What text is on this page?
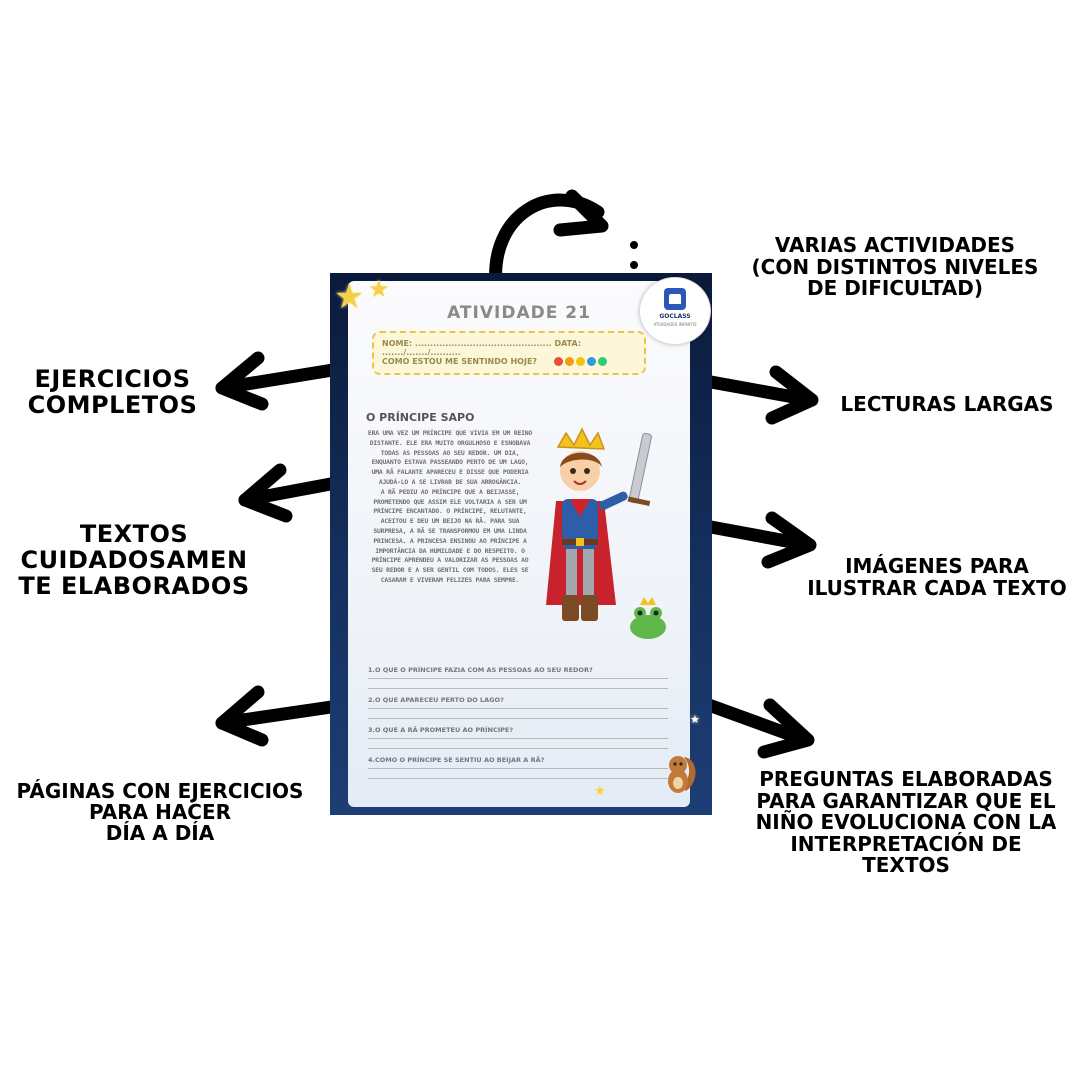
ATIVIDADE 21
NOME: ............................................. DATA: ......./......./..........
COMO ESTOU ME SENTINDO HOJE?
O PRÍNCIPE SAPO

ERA UMA VEZ UM PRÍNCIPE QUE VIVIA EM UM REINO DISTANTE. ELE ERA MUITO ORGULHOSO E ESNOBAVA TODAS AS PESSOAS AO SEU REDOR. UM DIA, ENQUANTO ESTAVA PASSEANDO PERTO DE UM LAGO, UMA RÃ FALANTE APARECEU E DISSE QUE PODERIA AJUDÁ-LO A SE LIVRAR DE SUA ARROGÂNCIA.

A RÃ PEDIU AO PRÍNCIPE QUE A BEIJASSE, PROMETENDO QUE ASSIM ELE VOLTARIA A SER UM PRÍNCIPE ENCANTADO. O PRÍNCIPE, RELUTANTE, ACEITOU E DEU UM BEIJO NA RÃ. PARA SUA SURPRESA, A RÃ SE TRANSFORMOU EM UMA LINDA PRINCESA. A PRINCESA ENSINOU AO PRÍNCIPE A IMPORTÂNCIA DA HUMILDADE E DO RESPEITO. O PRÍNCIPE APRENDEU A VALORIZAR AS PESSOAS AO SEU REDOR E A SER GENTIL COM TODOS. ELES SE CASARAM E VIVERAM FELIZES PARA SEMPRE.

1.O QUE O PRÍNCIPE FAZIA COM AS PESSOAS AO SEU REDOR?
2.O QUE APARECEU PERTO DO LAGO?
3.O QUE A RÃ PROMETEU AO PRÍNCIPE?
4.COMO O PRÍNCIPE SE SENTIU AO BEIJAR A RÃ?
★ ★
★
★
GOCLASS
ATIVIDADES INFANTIS
EJERCICIOS
COMPLETOS
TEXTOS
CUIDADOSAMEN
TE ELABORADOS
PÁGINAS CON EJERCICIOS
PARA HACER
DÍA A DÍA
VARIAS ACTIVIDADES
(CON DISTINTOS NIVELES
DE DIFICULTAD)
LECTURAS LARGAS
IMÁGENES PARA
ILUSTRAR CADA TEXTO
PREGUNTAS ELABORADAS
PARA GARANTIZAR QUE EL
NIÑO EVOLUCIONA CON LA
INTERPRETACIÓN DE
TEXTOS
